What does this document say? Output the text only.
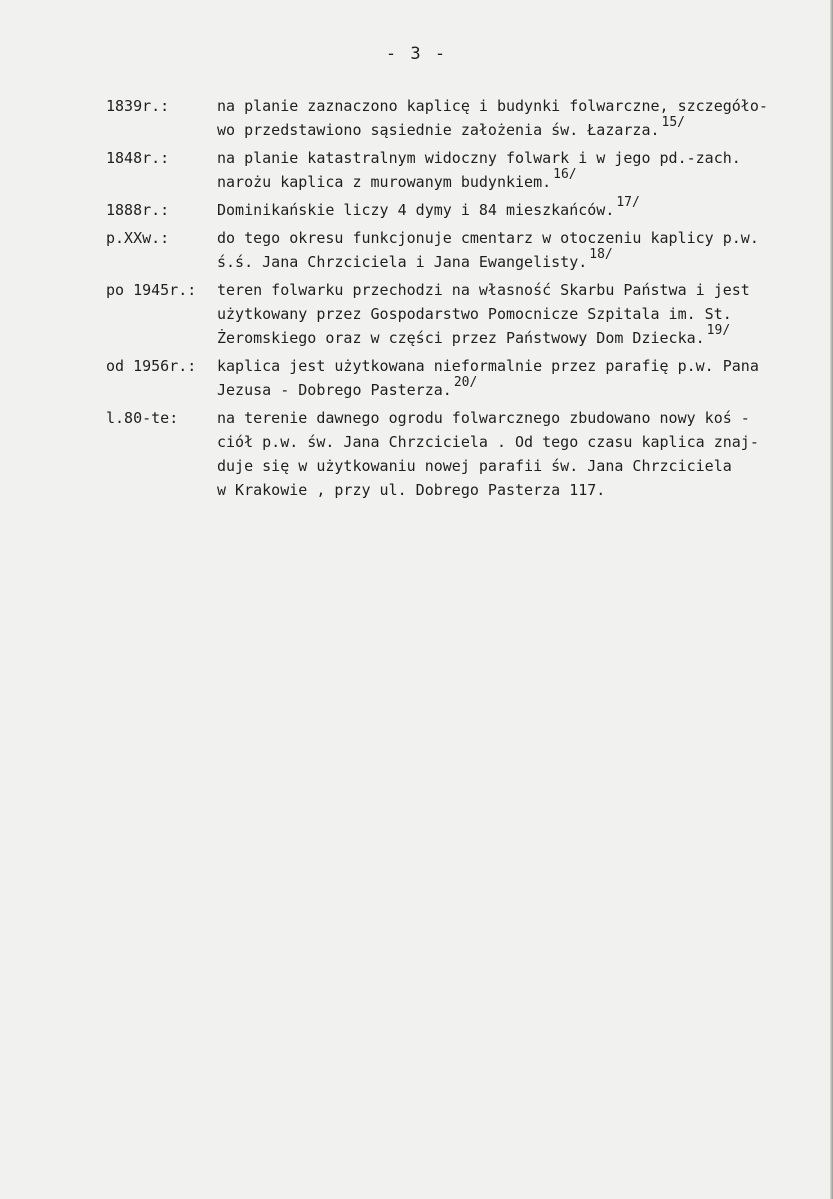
- 3 -
1839r.:	na planie zaznaczono kaplicę i budynki folwarczne, szczegóło-
wo przedstawiono sąsiednie założenia św. Łazarza. $^{15/}$
1848r.:	na planie katastralnym widoczny folwark i w jego pd.-zach.
narożu kaplica z murowanym budynkiem. $^{16/}$
1888r.:	Dominikańskie liczy 4 dymy i 84 mieszkańców. $^{17/}$
p.XXw.:	do tego okresu funkcjonuje cmentarz w otoczeniu kaplicy p.w.
ś.ś. Jana Chrzciciela i Jana Ewangelisty. $^{18/}$
po 1945r.: teren folwarku przechodzi na własność Skarbu Państwa i jest
użytkowany przez Gospodarstwo Pomocnicze Szpitala im. St.
Żeromskiego oraz w części przez Państwowy Dom Dziecka. $^{19/}$
od 1956r.: kaplica jest użytkowana nieformalnie przez parafię p.w. Pana
Jezusa - Dobrego Pasterza. $^{20/}$
l.80-te:	na terenie dawnego ogrodu folwarcznego zbudowano nowy koś -
ciół p.w. św. Jana Chrzciciela . Od tego czasu kaplica znaj-
duje się w użytkowaniu nowej parafii św. Jana Chrzciciela
w Krakowie , przy ul. Dobrego Pasterza 117.
